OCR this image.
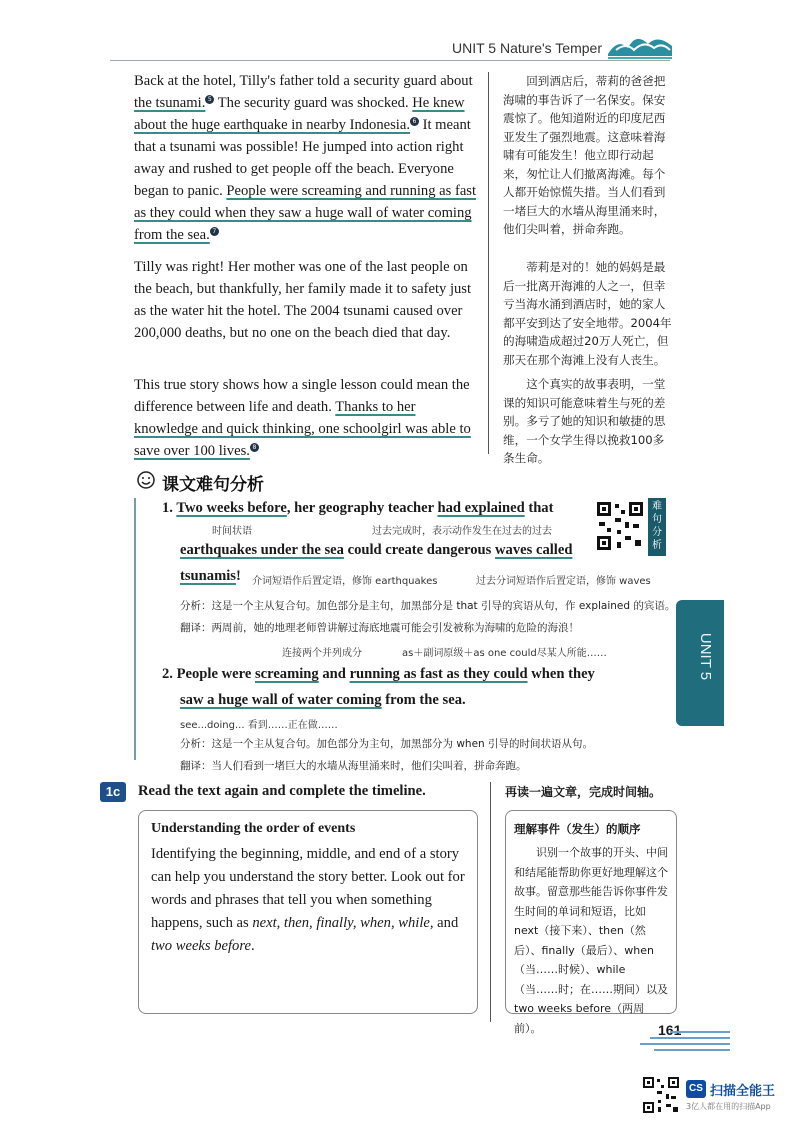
UNIT 5 Nature's Temper
Back at the hotel, Tilly's father told a security guard about the tsunami. 5 The security guard was shocked. He knew about the huge earthquake in nearby Indonesia. 6 It meant that a tsunami was possible! He jumped into action right away and rushed to get people off the beach. Everyone began to panic. People were screaming and running as fast as they could when they saw a huge wall of water coming from the sea. 7
Tilly was right! Her mother was one of the last people on the beach, but thankfully, her family made it to safety just as the water hit the hotel. The 2004 tsunami caused over 200,000 deaths, but no one on the beach died that day.
This true story shows how a single lesson could mean the difference between life and death. Thanks to her knowledge and quick thinking, one schoolgirl was able to save over 100 lives. 8
回到酒店后，蒂莉的爸爸把海啸的事告诉了一名保安。保安震惊了。他知道附近的印度尼西亚发生了强烈地震。这意味着海啸有可能发生！他立即行动起来，匆忙让人们撤离海滩。每个人都开始惊慌失措。当人们看到一堵巨大的水墙从海里涌来时，他们尖叫着，拼命奔跑。
蒂莉是对的！她的妈妈是最后一批离开海滩的人之一，但幸亏当海水涌到酒店时，她的家人都平安到达了安全地带。2004年的海啸造成超过20万人死亡，但那天在那个海滩上没有人丧生。
这个真实的故事表明，一堂课的知识可能意味着生与死的差别。多亏了她的知识和敏捷的思维，一个女学生得以挽救100多条生命。
课文难句分析
1. Two weeks before, her geography teacher had explained that
时间状语	过去完成时，表示动作发生在过去的过去
earthquakes under the sea could create dangerous waves called
tsunamis! 介词短语作后置定语，修饰 earthquakes	过去分词短语作后置定语，修饰 waves
分析：这是一个主从复合句。加色部分是主句，加黑部分是 that 引导的宾语从句，作 explained 的宾语。
翻译：两周前，她的地理老师曾讲解过海底地震可能会引发被称为海啸的危险的海浪！
难句分析
连接两个并列成分	as＋副词原级＋as one could尽某人所能……
2. People were screaming and running as fast as they could when they
saw a huge wall of water coming from the sea.
see...doing... 看到……正在做……
分析：这是一个主从复合句。加色部分为主句，加黑部分为 when 引导的时间状语从句。
翻译：当人们看到一堵巨大的水墙从海里涌来时，他们尖叫着，拼命奔跑。
UNIT 5
1c	Read the text again and complete the timeline.	再读一遍文章，完成时间轴。
Understanding the order of events
Identifying the beginning, middle, and end of a story can help you understand the story better. Look out for words and phrases that tell you when something happens, such as next, then, finally, when, while, and two weeks before.
理解事件（发生）的顺序
识别一个故事的开头、中间和结尾能帮助你更好地理解这个故事。留意那些能告诉你事件发生时间的单词和短语，比如 next（接下来）、then（然后）、finally（最后）、when（当……时候）、while（当……时；在……期间）以及two weeks before（两周前）。	161
CS 扫描全能王
3亿人都在用的扫描App
